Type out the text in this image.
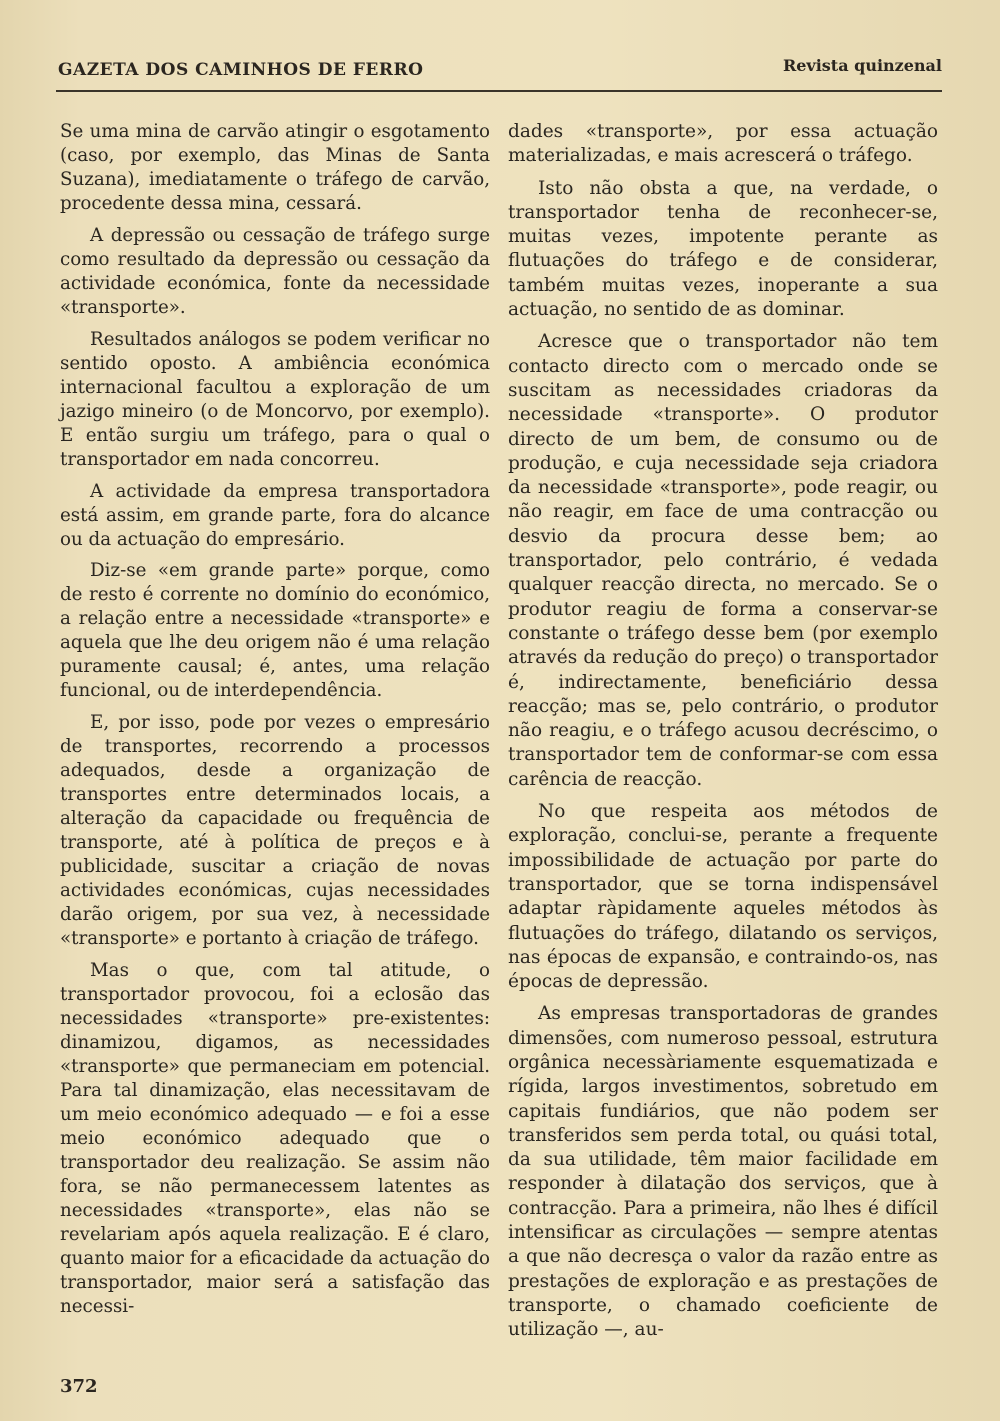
GAZETA DOS CAMINHOS DE FERRO	Revista quinzenal

Se uma mina de carvão atingir o esgotamento (caso, por exemplo, das Minas de Santa Suzana), imediatamente o tráfego de carvão, procedente dessa mina, cessará.

A depressão ou cessação de tráfego surge como resultado da depressão ou cessação da actividade económica, fonte da necessidade «transporte».

Resultados análogos se podem verificar no sentido oposto. A ambiência económica internacional facultou a exploração de um jazigo mineiro (o de Moncorvo, por exemplo). E então surgiu um tráfego, para o qual o transportador em nada concorreu.

A actividade da empresa transportadora está assim, em grande parte, fora do alcance ou da actuação do empresário.

Diz-se «em grande parte» porque, como de resto é corrente no domínio do económico, a relação entre a necessidade «transporte» e aquela que lhe deu origem não é uma relação puramente causal; é, antes, uma relação funcional, ou de interdependência.

E, por isso, pode por vezes o empresário de transportes, recorrendo a processos adequados, desde a organização de transportes entre determinados locais, a alteração da capacidade ou frequência de transporte, até à política de preços e à publicidade, suscitar a criação de novas actividades económicas, cujas necessidades darão origem, por sua vez, à necessidade «transporte» e portanto à criação de tráfego.

Mas o que, com tal atitude, o transportador provocou, foi a eclosão das necessidades «transporte» pre-existentes: dinamizou, digamos, as necessidades «transporte» que permaneciam em potencial. Para tal dinamização, elas necessitavam de um meio económico adequado — e foi a esse meio económico adequado que o transportador deu realização. Se assim não fora, se não permanecessem latentes as necessidades «transporte», elas não se revelariam após aquela realização. E é claro, quanto maior for a eficacidade da actuação do transportador, maior será a satisfação das necessi-

dades «transporte», por essa actuação materializadas, e mais acrescerá o tráfego.

Isto não obsta a que, na verdade, o transportador tenha de reconhecer-se, muitas vezes, impotente perante as flutuações do tráfego e de considerar, também muitas vezes, inoperante a sua actuação, no sentido de as dominar.

Acresce que o transportador não tem contacto directo com o mercado onde se suscitam as necessidades criadoras da necessidade «transporte». O produtor directo de um bem, de consumo ou de produção, e cuja necessidade seja criadora da necessidade «transporte», pode reagir, ou não reagir, em face de uma contracção ou desvio da procura desse bem; ao transportador, pelo contrário, é vedada qualquer reacção directa, no mercado. Se o produtor reagiu de forma a conservar-se constante o tráfego desse bem (por exemplo através da redução do preço) o transportador é, indirectamente, beneficiário dessa reacção; mas se, pelo contrário, o produtor não reagiu, e o tráfego acusou decréscimo, o transportador tem de conformar-se com essa carência de reacção.

No que respeita aos métodos de exploração, conclui-se, perante a frequente impossibilidade de actuação por parte do transportador, que se torna indispensável adaptar ràpidamente aqueles métodos às flutuações do tráfego, dilatando os serviços, nas épocas de expansão, e contraindo-os, nas épocas de depressão.

As empresas transportadoras de grandes dimensões, com numeroso pessoal, estrutura orgânica necessàriamente esquematizada e rígida, largos investimentos, sobretudo em capitais fundiários, que não podem ser transferidos sem perda total, ou quási total, da sua utilidade, têm maior facilidade em responder à dilatação dos serviços, que à contracção. Para a primeira, não lhes é difícil intensificar as circulações — sempre atentas a que não decresça o valor da razão entre as prestações de exploração e as prestações de transporte, o chamado coeficiente de utilização —, au-

372
